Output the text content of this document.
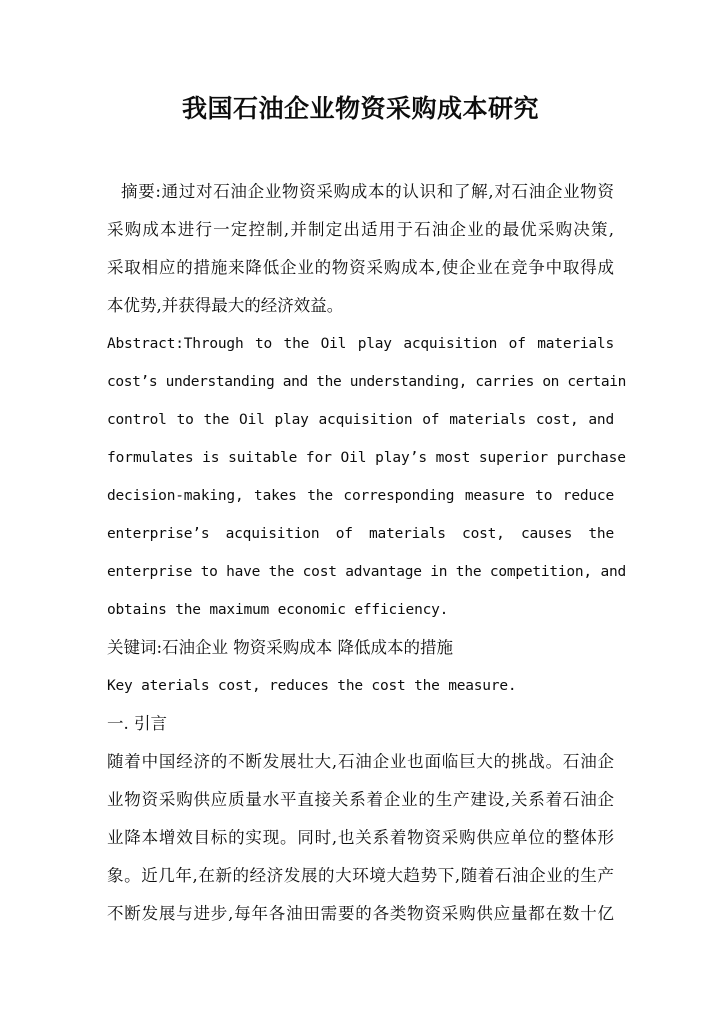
我国石油企业物资采购成本研究
摘要:通过对石油企业物资采购成本的认识和了解,对石油企业物资
采购成本进行一定控制,并制定出适用于石油企业的最优采购决策,
采取相应的措施来降低企业的物资采购成本,使企业在竞争中取得成
本优势,并获得最大的经济效益。
Abstract:Through to the Oil play acquisition of materials
cost’s understanding and the understanding, carries on certain
control to the Oil play acquisition of materials cost, and
formulates is suitable for Oil play’s most superior purchase
decision-making, takes the corresponding measure to reduce
enterprise’s acquisition of materials cost, causes the
enterprise to have the cost advantage in the competition, and
obtains the maximum economic efficiency.
关键词:石油企业 物资采购成本 降低成本的措施
Key aterials cost, reduces the cost the measure.
一. 引言
随着中国经济的不断发展壮大,石油企业也面临巨大的挑战。石油企
业物资采购供应质量水平直接关系着企业的生产建设,关系着石油企
业降本增效目标的实现。同时,也关系着物资采购供应单位的整体形
象。近几年,在新的经济发展的大环境大趋势下,随着石油企业的生产
不断发展与进步,每年各油田需要的各类物资采购供应量都在数十亿
